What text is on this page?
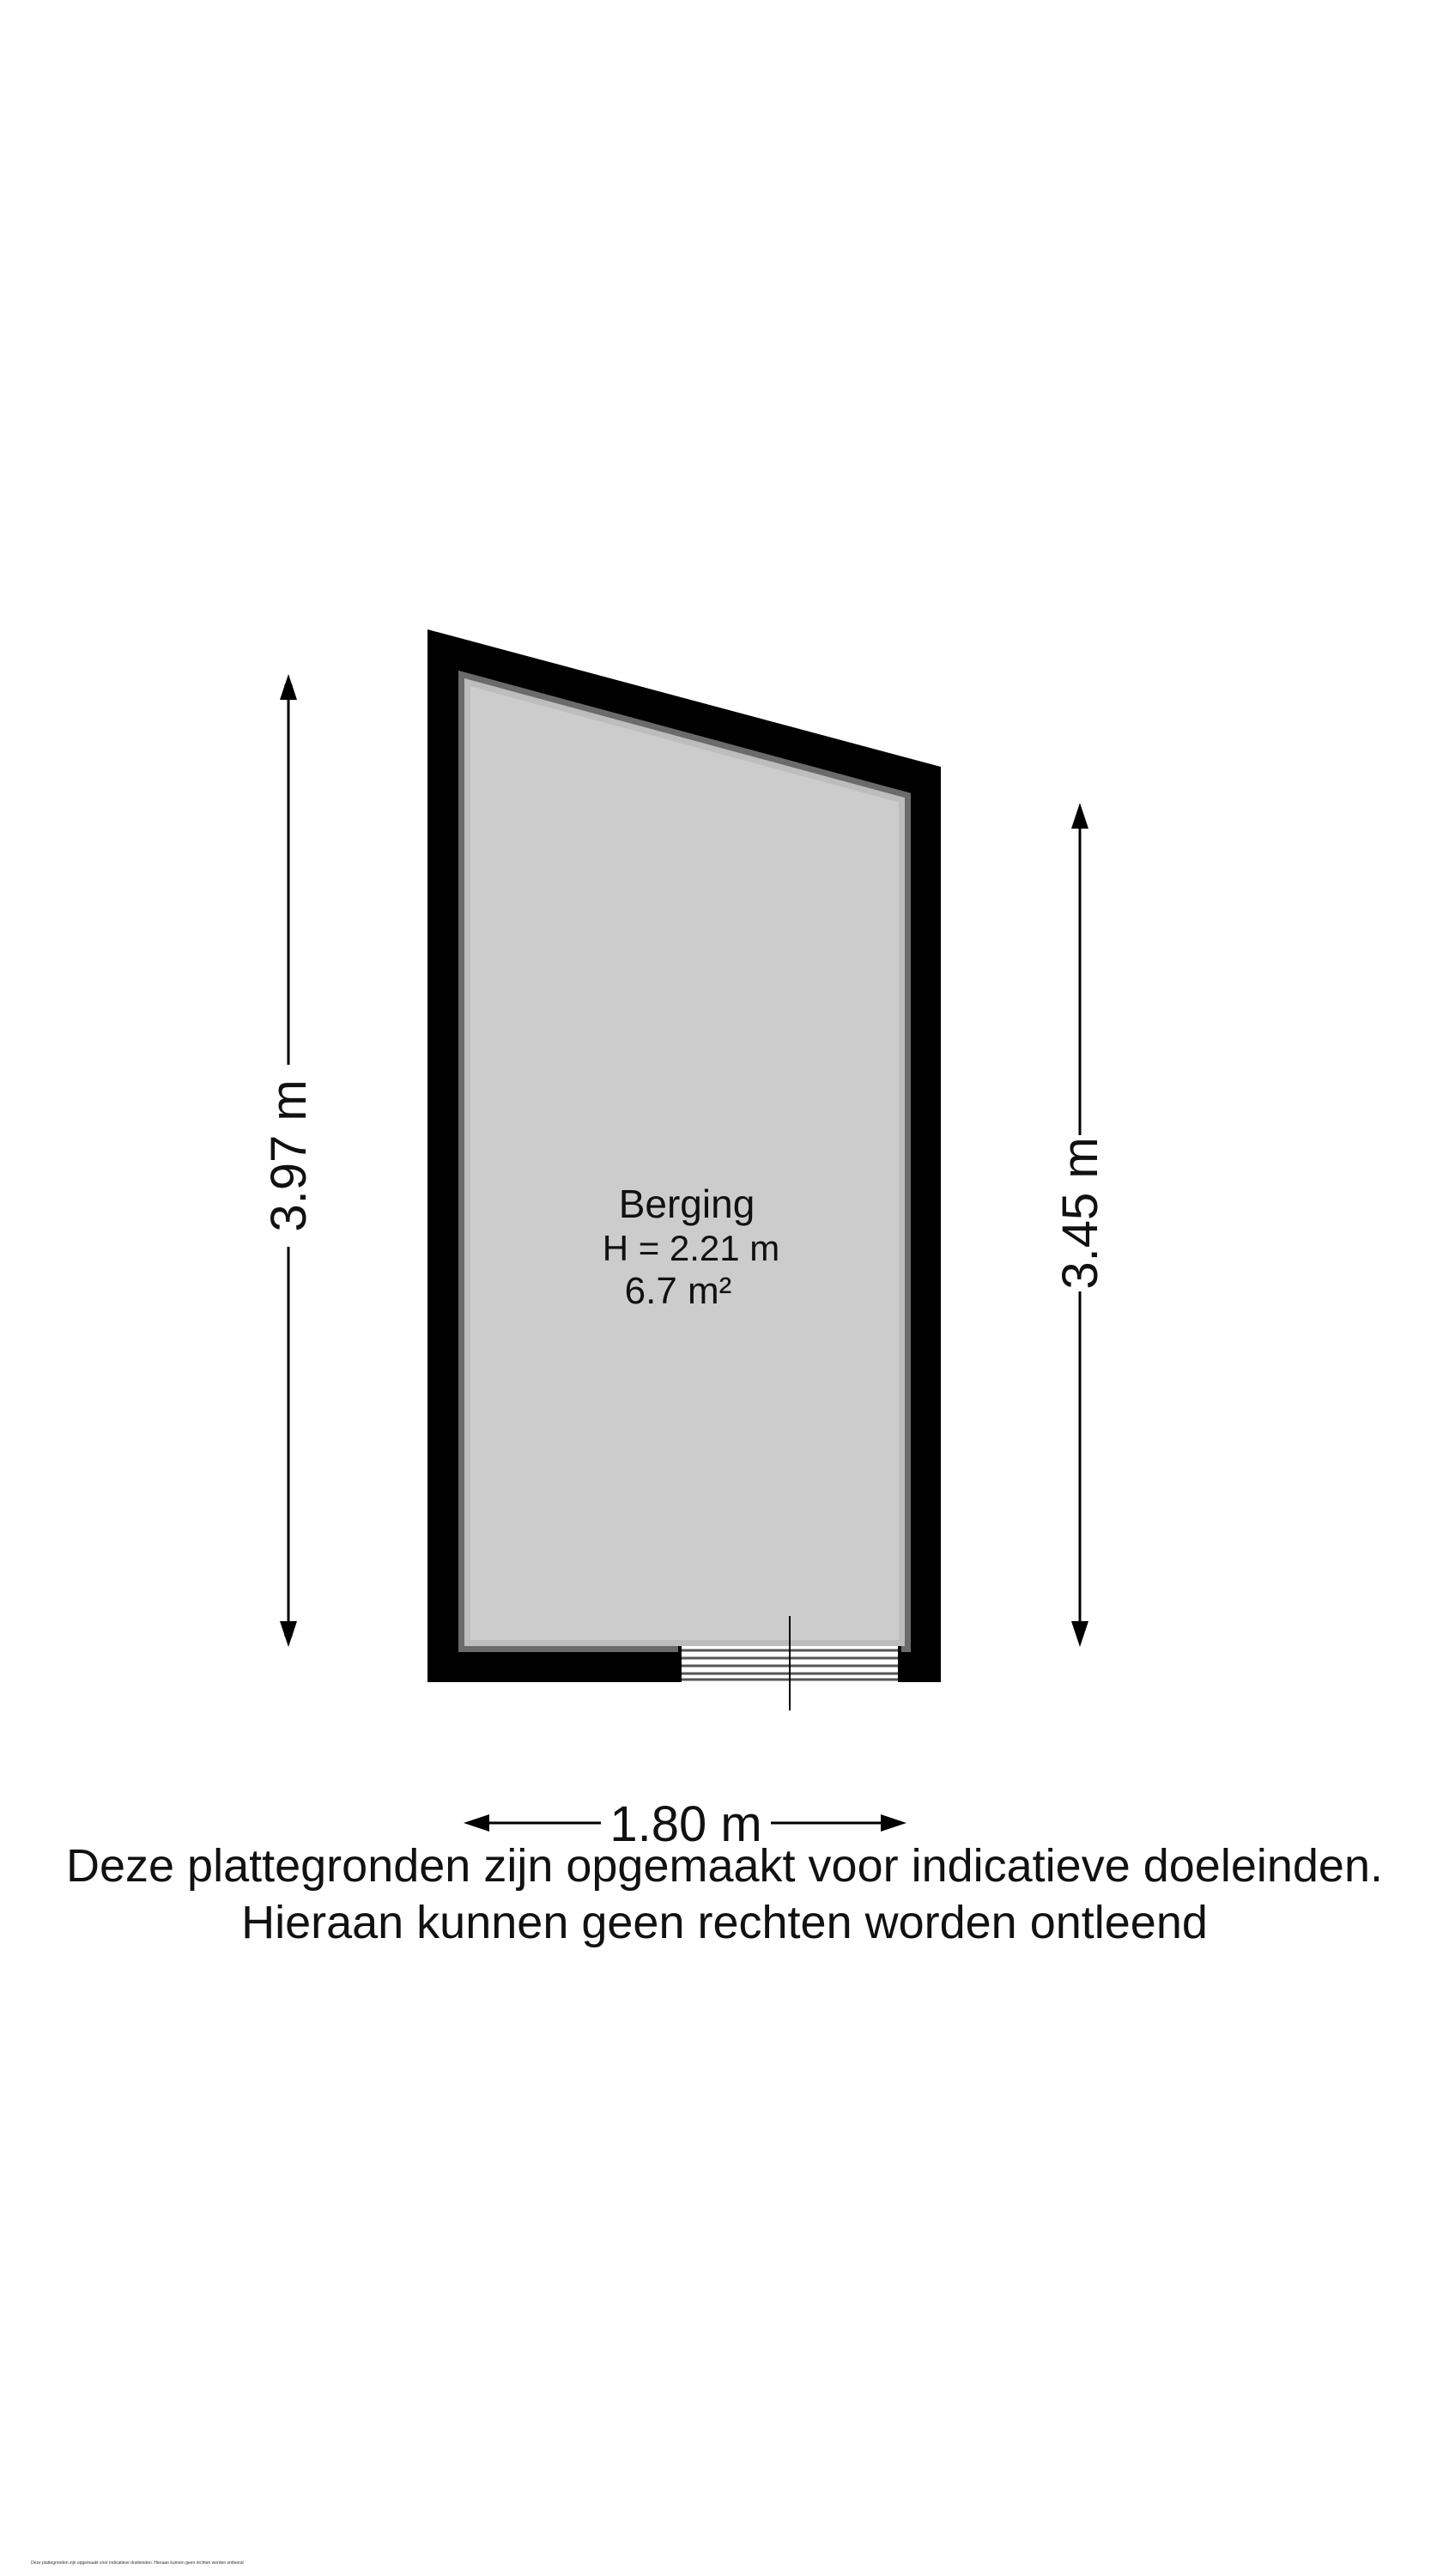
Berging
H = 2.21 m
6.7 m²
3.97 m	3.45 m
1.80 m

Deze plattegronden zijn opgemaakt voor indicatieve doeleinden.

Hieraan kunnen geen rechten worden ontleend

Deze plattegronden zijn opgemaakt voor indicatieve doeleinden. Hieraan kunnen geen rechten worden ontleend
